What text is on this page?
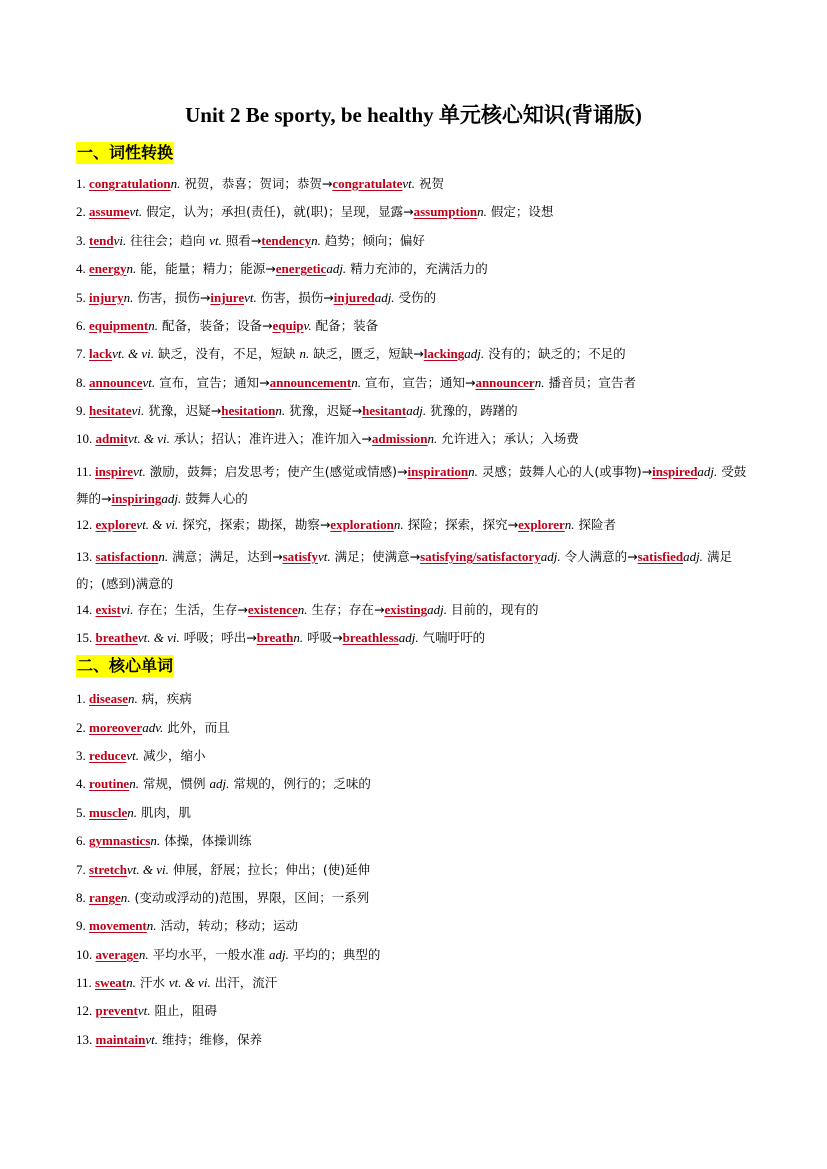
Unit 2 Be sporty, be healthy 单元核心知识(背诵版)
一、词性转换
1. congratulationn. 祝贺，恭喜；贺词；恭贺→congratulatevt. 祝贺
2. assumevt. 假定，认为；承担(责任)，就(职)；呈现，显露→assumptionn. 假定；设想
3. tendvi. 往往会；趋向 vt. 照看→tendencyn. 趋势；倾向；偏好
4. energyn. 能，能量；精力；能源→energeticadj. 精力充沛的，充满活力的
5. injuryn. 伤害，损伤→injurevt. 伤害，损伤→injuredadj. 受伤的
6. equipmentn. 配备，装备；设备→equipv. 配备；装备
7. lackvt. & vi. 缺乏，没有，不足，短缺 n. 缺乏，匮乏，短缺→lackingadj. 没有的；缺乏的；不足的
8. announcevt. 宣布，宣告；通知→announcementn. 宣布，宣告；通知→announcern. 播音员；宣告者
9. hesitatevi. 犹豫，迟疑→hesitationn. 犹豫，迟疑→hesitantadj. 犹豫的，踌躇的
10. admitvt. & vi. 承认；招认；准许进入；准许加入→admissionn. 允许进入；承认；入场费
11. inspirevt. 激励，鼓舞；启发思考；使产生(感觉或情感)→inspirationn. 灵感；鼓舞人心的人(或事物)→inspiredadj. 受鼓舞的→inspiringadj. 鼓舞人心的
12. explorevt. & vi. 探究，探索；勘探，勘察→explorationn. 探险；探索，探究→explorern. 探险者
13. satisfactionn. 满意；满足，达到→satisfyvt. 满足；使满意→satisfying/satisfactoryadj. 令人满意的→satisfiedadj. 满足的；(感到)满意的
14. existvi. 存在；生活，生存→existencen. 生存；存在→existingadj. 目前的，现有的
15. breathevt. & vi. 呼吸；呼出→breathn. 呼吸→breathlessadj. 气喘吁吁的
二、核心单词
1. diseasen. 病，疾病
2. moreoveradv. 此外，而且
3. reducevt. 减少，缩小
4. routinen. 常规，惯例 adj. 常规的，例行的；乏味的
5. musclen. 肌肉，肌
6. gymnasticsn. 体操，体操训练
7. stretchvt. & vi. 伸展，舒展；拉长；伸出；(使)延伸
8. rangen. (变动或浮动的)范围，界限，区间；一系列
9. movementn. 活动，转动；移动；运动
10. averagen. 平均水平，一般水准 adj. 平均的；典型的
11. sweatn. 汗水 vt. & vi. 出汗，流汗
12. preventvt. 阻止，阻碍
13. maintainvt. 维持；维修，保养
